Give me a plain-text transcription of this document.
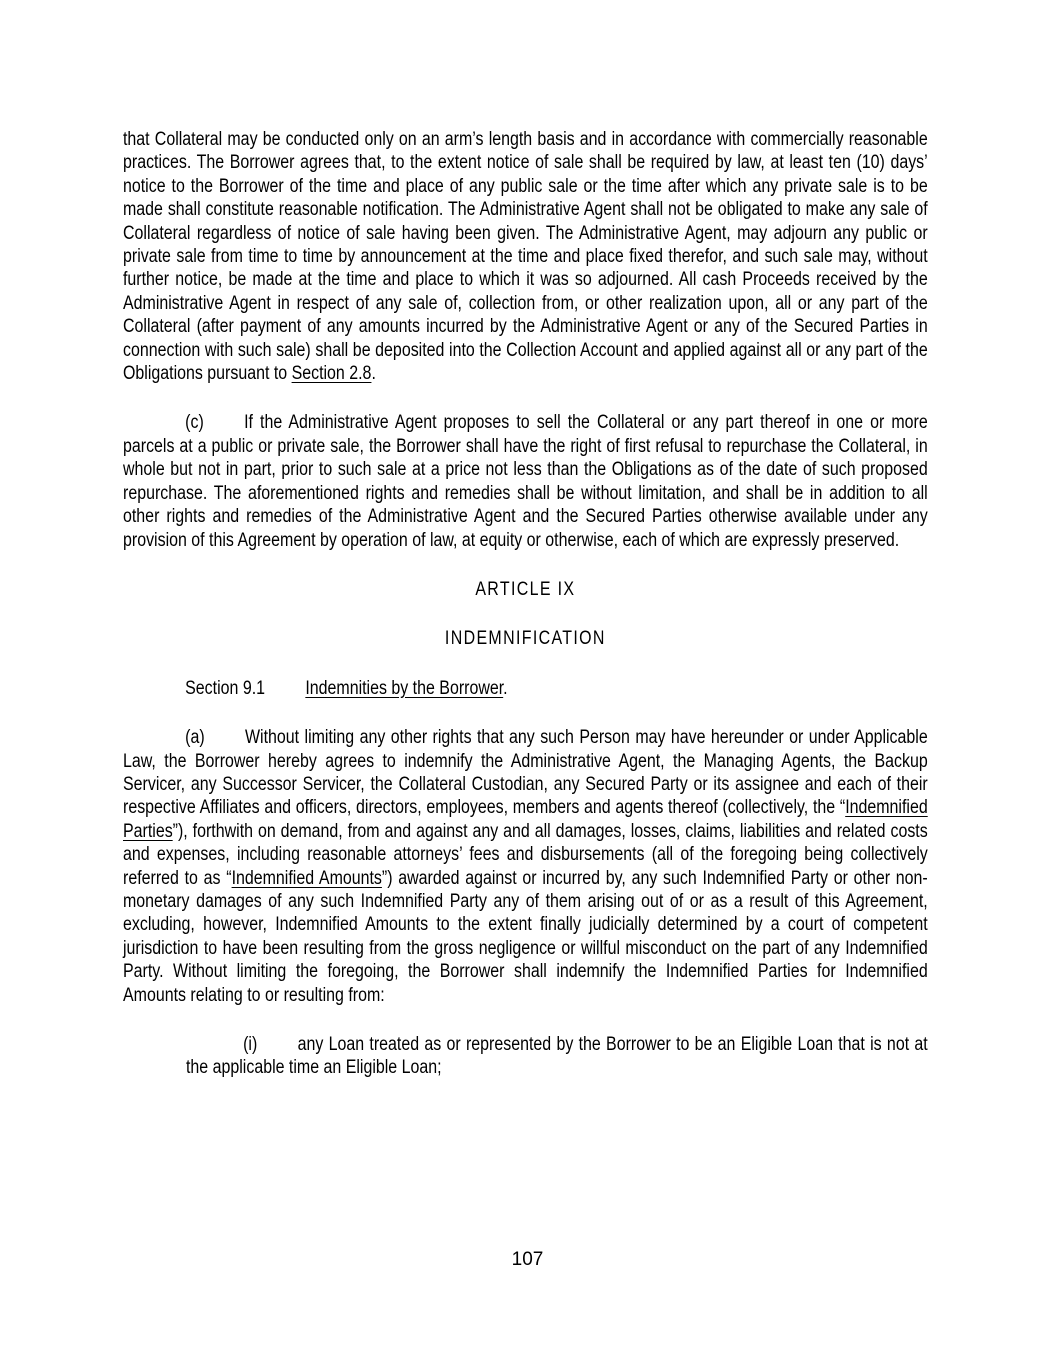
that Collateral may be conducted only on an arm’s length basis and in accordance with commercially reasonable practices. The Borrower agrees that, to the extent notice of sale shall be required by law, at least ten (10) days’ notice to the Borrower of the time and place of any public sale or the time after which any private sale is to be made shall constitute reasonable notification. The Administrative Agent shall not be obligated to make any sale of Collateral regardless of notice of sale having been given. The Administrative Agent, may adjourn any public or private sale from time to time by announcement at the time and place fixed therefor, and such sale may, without further notice, be made at the time and place to which it was so adjourned. All cash Proceeds received by the Administrative Agent in respect of any sale of, collection from, or other realization upon, all or any part of the Collateral (after payment of any amounts incurred by the Administrative Agent or any of the Secured Parties in connection with such sale) shall be deposited into the Collection Account and applied against all or any part of the Obligations pursuant to Section 2.8.

(c) If the Administrative Agent proposes to sell the Collateral or any part thereof in one or more parcels at a public or private sale, the Borrower shall have the right of first refusal to repurchase the Collateral, in whole but not in part, prior to such sale at a price not less than the Obligations as of the date of such proposed repurchase. The aforementioned rights and remedies shall be without limitation, and shall be in addition to all other rights and remedies of the Administrative Agent and the Secured Parties otherwise available under any provision of this Agreement by operation of law, at equity or otherwise, each of which are expressly preserved.

ARTICLE IX

INDEMNIFICATION

Section 9.1 Indemnities by the Borrower.

(a) Without limiting any other rights that any such Person may have hereunder or under Applicable Law, the Borrower hereby agrees to indemnify the Administrative Agent, the Managing Agents, the Backup Servicer, any Successor Servicer, the Collateral Custodian, any Secured Party or its assignee and each of their respective Affiliates and officers, directors, employees, members and agents thereof (collectively, the “Indemnified Parties”), forthwith on demand, from and against any and all damages, losses, claims, liabilities and related costs and expenses, including reasonable attorneys’ fees and disbursements (all of the foregoing being collectively referred to as “Indemnified Amounts”) awarded against or incurred by, any such Indemnified Party or other non-monetary damages of any such Indemnified Party any of them arising out of or as a result of this Agreement, excluding, however, Indemnified Amounts to the extent finally judicially determined by a court of competent jurisdiction to have been resulting from the gross negligence or willful misconduct on the part of any Indemnified Party. Without limiting the foregoing, the Borrower shall indemnify the Indemnified Parties for Indemnified Amounts relating to or resulting from:

(i) any Loan treated as or represented by the Borrower to be an Eligible Loan that is not at the applicable time an Eligible Loan;

107
